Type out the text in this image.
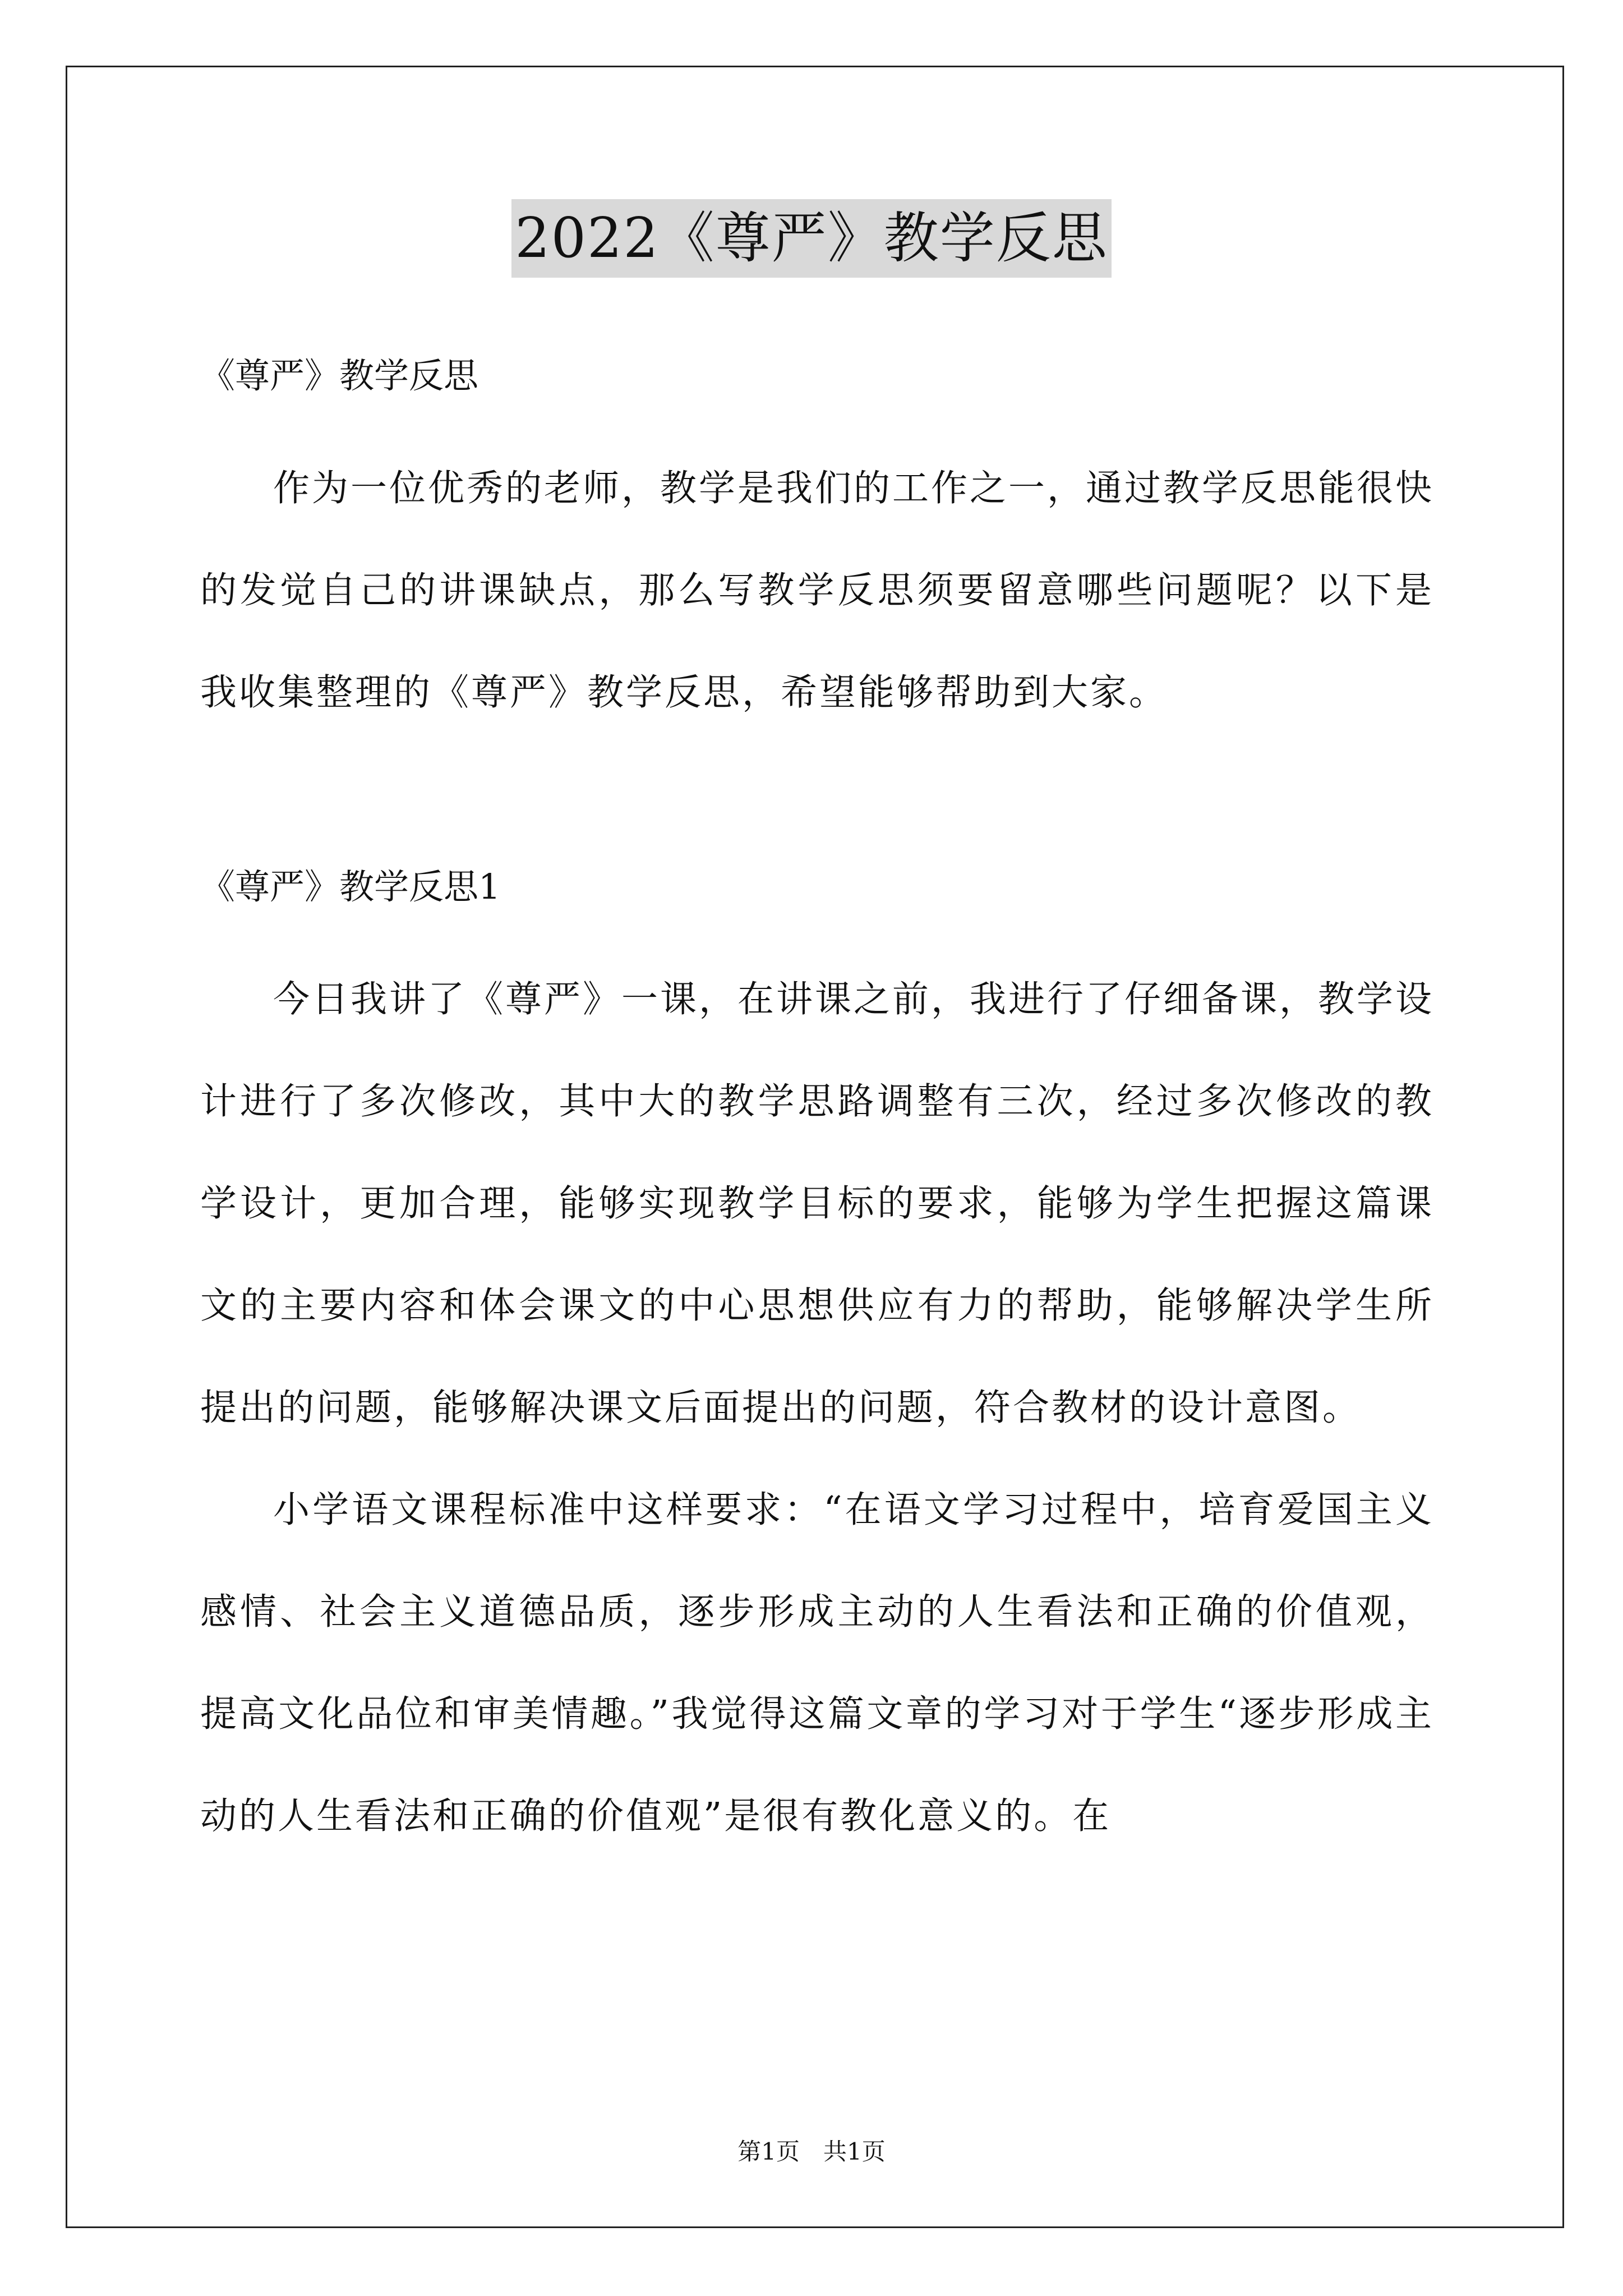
2022《尊严》教学反思

《尊严》教学反思

作为一位优秀的老师，教学是我们的工作之一，通过教学反思能很快的发觉自己的讲课缺点，那么写教学反思须要留意哪些问题呢？以下是我收集整理的《尊严》教学反思，希望能够帮助到大家。

《尊严》教学反思1

今日我讲了《尊严》一课，在讲课之前，我进行了仔细备课，教学设计进行了多次修改，其中大的教学思路调整有三次，经过多次修改的教学设计，更加合理，能够实现教学目标的要求，能够为学生把握这篇课文的主要内容和体会课文的中心思想供应有力的帮助，能够解决学生所提出的问题，能够解决课文后面提出的问题，符合教材的设计意图。

小学语文课程标准中这样要求：“在语文学习过程中，培育爱国主义感情、社会主义道德品质，逐步形成主动的人生看法和正确的价值观，提高文化品位和审美情趣。”我觉得这篇文章的学习对于学生“逐步形成主动的人生看法和正确的价值观”是很有教化意义的。在

第1页　共1页
